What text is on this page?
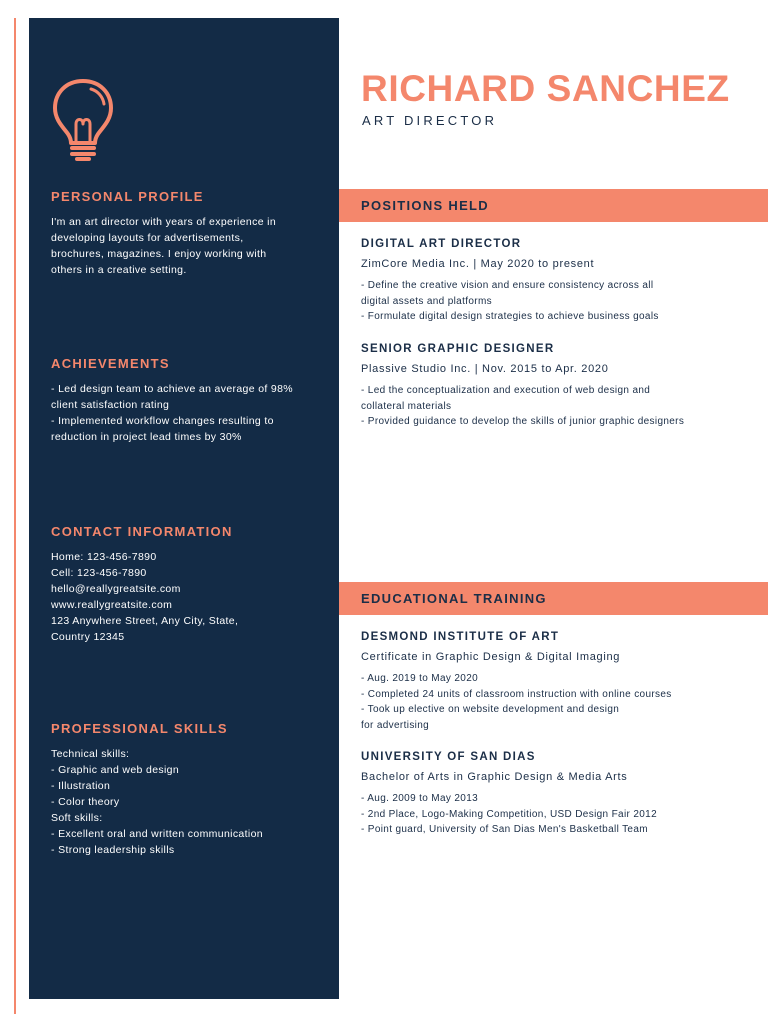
PERSONAL PROFILE
I'm an art director with years of experience in
developing layouts for advertisements,
brochures, magazines. I enjoy working with
others in a creative setting.
ACHIEVEMENTS
- Led design team to achieve an average of 98%
client satisfaction rating
- Implemented workflow changes resulting to
reduction in project lead times by 30%
CONTACT INFORMATION
Home: 123-456-7890
Cell: 123-456-7890
hello@reallygreatsite.com
www.reallygreatsite.com
123 Anywhere Street, Any City, State,
Country 12345
PROFESSIONAL SKILLS
Technical skills:
- Graphic and web design
- Illustration
- Color theory
Soft skills:
- Excellent oral and written communication
- Strong leadership skills
RICHARD SANCHEZ
ART DIRECTOR
POSITIONS HELD
DIGITAL ART DIRECTOR
ZimCore Media Inc. | May 2020 to present
- Define the creative vision and ensure consistency across all
digital assets and platforms
- Formulate digital design strategies to achieve business goals
SENIOR GRAPHIC DESIGNER
Plassive Studio Inc. | Nov. 2015 to Apr. 2020
- Led the conceptualization and execution of web design and
collateral materials
- Provided guidance to develop the skills of junior graphic designers
EDUCATIONAL TRAINING
DESMOND INSTITUTE OF ART
Certificate in Graphic Design & Digital Imaging
- Aug. 2019 to May 2020
- Completed 24 units of classroom instruction with online courses
- Took up elective on website development and design
for advertising
UNIVERSITY OF SAN DIAS
Bachelor of Arts in Graphic Design & Media Arts
- Aug. 2009 to May 2013
- 2nd Place, Logo-Making Competition, USD Design Fair 2012
- Point guard, University of San Dias Men's Basketball Team
